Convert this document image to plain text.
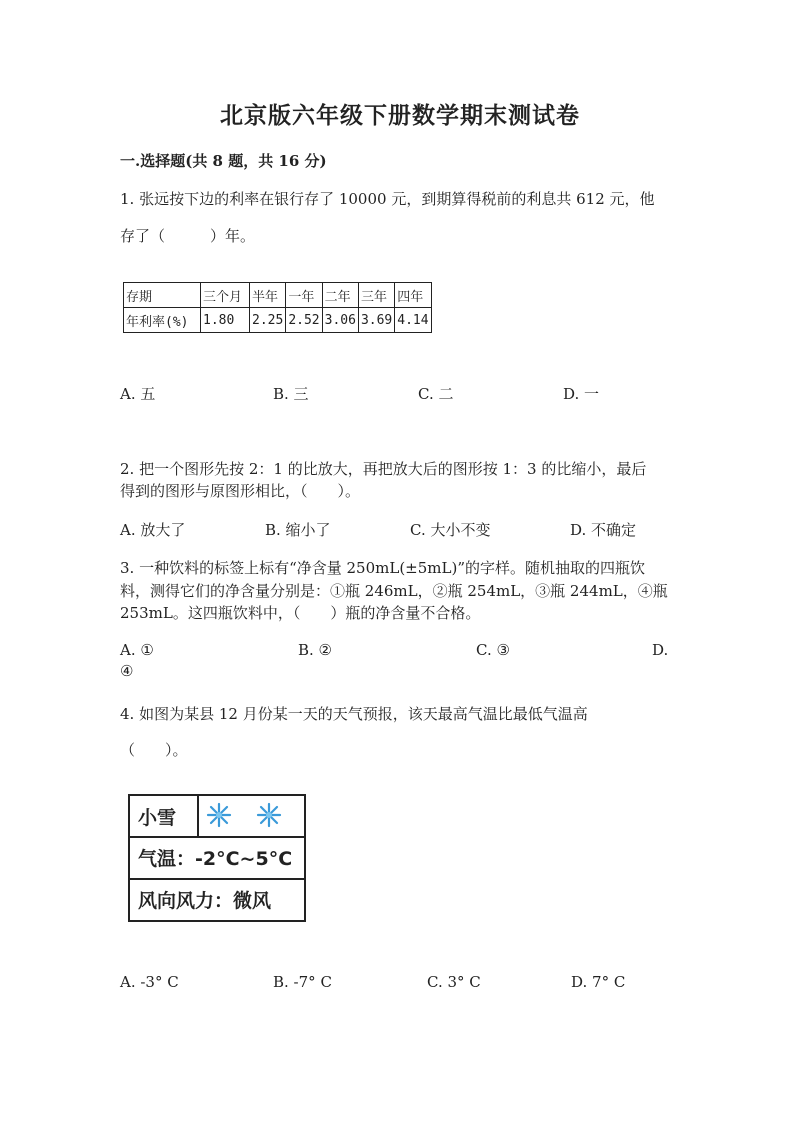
北京版六年级下册数学期末测试卷
一.选择题(共 8 题，共 16 分)
1. 张远按下边的利率在银行存了 10000 元，到期算得税前的利息共 612 元，他
存了（　　　）年。
存期	三个月	半年	一年	二年	三年	四年
年利率(%)	1.80	2.25	2.52	3.06	3.69	4.14
A. 五	B. 三	C. 二	D. 一
2. 把一个图形先按 2：1 的比放大，再把放大后的图形按 1：3 的比缩小，最后
得到的图形与原图形相比，（　　）。
A. 放大了	B. 缩小了	C. 大小不变	D. 不确定
3. 一种饮料的标签上标有“净含量 250mL(±5mL)”的字样。随机抽取的四瓶饮
料，测得它们的净含量分别是：①瓶 246mL，②瓶 254mL，③瓶 244mL，④瓶
253mL。这四瓶饮料中，（　　）瓶的净含量不合格。
A. ①	B. ②	C. ③	D.
④
4. 如图为某县 12 月份某一天的天气预报，该天最高气温比最低气温高
（　　）。
小雪
气温：-2°C~5°C
风向风力：微风
A. -3° C	B. -7° C	C. 3° C	D. 7° C
